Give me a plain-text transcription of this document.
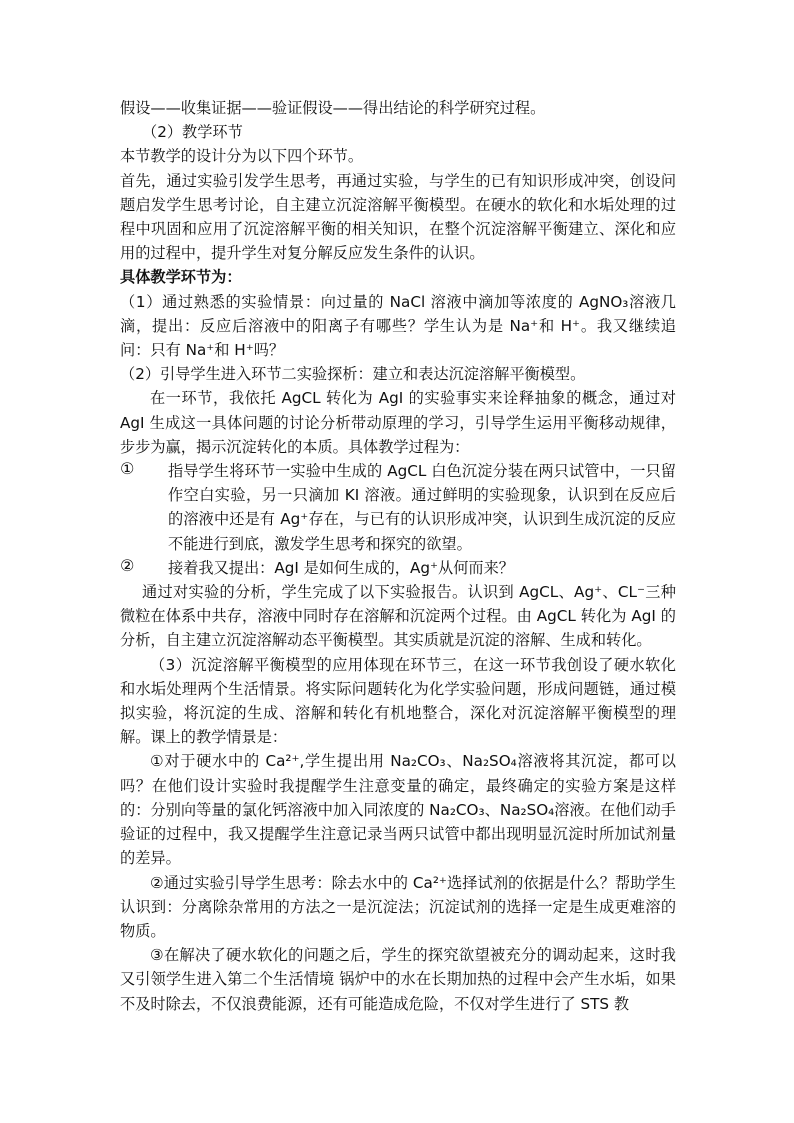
假设——收集证据——验证假设——得出结论的科学研究过程。

（2）教学环节

本节教学的设计分为以下四个环节。

首先，通过实验引发学生思考，再通过实验，与学生的已有知识形成冲突，创设问题启发学生思考讨论，自主建立沉淀溶解平衡模型。在硬水的软化和水垢处理的过程中巩固和应用了沉淀溶解平衡的相关知识，在整个沉淀溶解平衡建立、深化和应用的过程中，提升学生对复分解反应发生条件的认识。

具体教学环节为：

（1）通过熟悉的实验情景：向过量的 NaCl 溶液中滴加等浓度的 AgNO₃溶液几滴，提出：反应后溶液中的阳离子有哪些？学生认为是 Na⁺和 H⁺。我又继续追问：只有 Na⁺和 H⁺吗？

（2）引导学生进入环节二实验探析：建立和表达沉淀溶解平衡模型。

在一环节，我依托 AgCL 转化为 AgI 的实验事实来诠释抽象的概念，通过对 AgI 生成这一具体问题的讨论分析带动原理的学习，引导学生运用平衡移动规律，步步为赢，揭示沉淀转化的本质。具体教学过程为：

①	指导学生将环节一实验中生成的 AgCL 白色沉淀分装在两只试管中，一只留作空白实验，另一只滴加 KI 溶液。通过鲜明的实验现象，认识到在反应后的溶液中还是有 Ag⁺存在，与已有的认识形成冲突，认识到生成沉淀的反应不能进行到底，激发学生思考和探究的欲望。

②	接着我又提出：AgI 是如何生成的，Ag⁺从何而来？

通过对实验的分析，学生完成了以下实验报告。认识到 AgCL、Ag⁺、CL⁻三种微粒在体系中共存，溶液中同时存在溶解和沉淀两个过程。由 AgCL 转化为 AgI 的分析，自主建立沉淀溶解动态平衡模型。其实质就是沉淀的溶解、生成和转化。

（3）沉淀溶解平衡模型的应用体现在环节三，在这一环节我创设了硬水软化和水垢处理两个生活情景。将实际问题转化为化学实验问题，形成问题链，通过模拟实验，将沉淀的生成、溶解和转化有机地整合，深化对沉淀溶解平衡模型的理解。课上的教学情景是：

①对于硬水中的 Ca²⁺,学生提出用 Na₂CO₃、Na₂SO₄溶液将其沉淀，都可以吗？在他们设计实验时我提醒学生注意变量的确定，最终确定的实验方案是这样的：分别向等量的氯化钙溶液中加入同浓度的 Na₂CO₃、Na₂SO₄溶液。在他们动手验证的过程中，我又提醒学生注意记录当两只试管中都出现明显沉淀时所加试剂量的差异。

②通过实验引导学生思考：除去水中的 Ca²⁺选择试剂的依据是什么？帮助学生认识到：分离除杂常用的方法之一是沉淀法；沉淀试剂的选择一定是生成更难溶的物质。

③在解决了硬水软化的问题之后，学生的探究欲望被充分的调动起来，这时我又引领学生进入第二个生活情境 锅炉中的水在长期加热的过程中会产生水垢，如果不及时除去，不仅浪费能源，还有可能造成危险，不仅对学生进行了 STS 教
